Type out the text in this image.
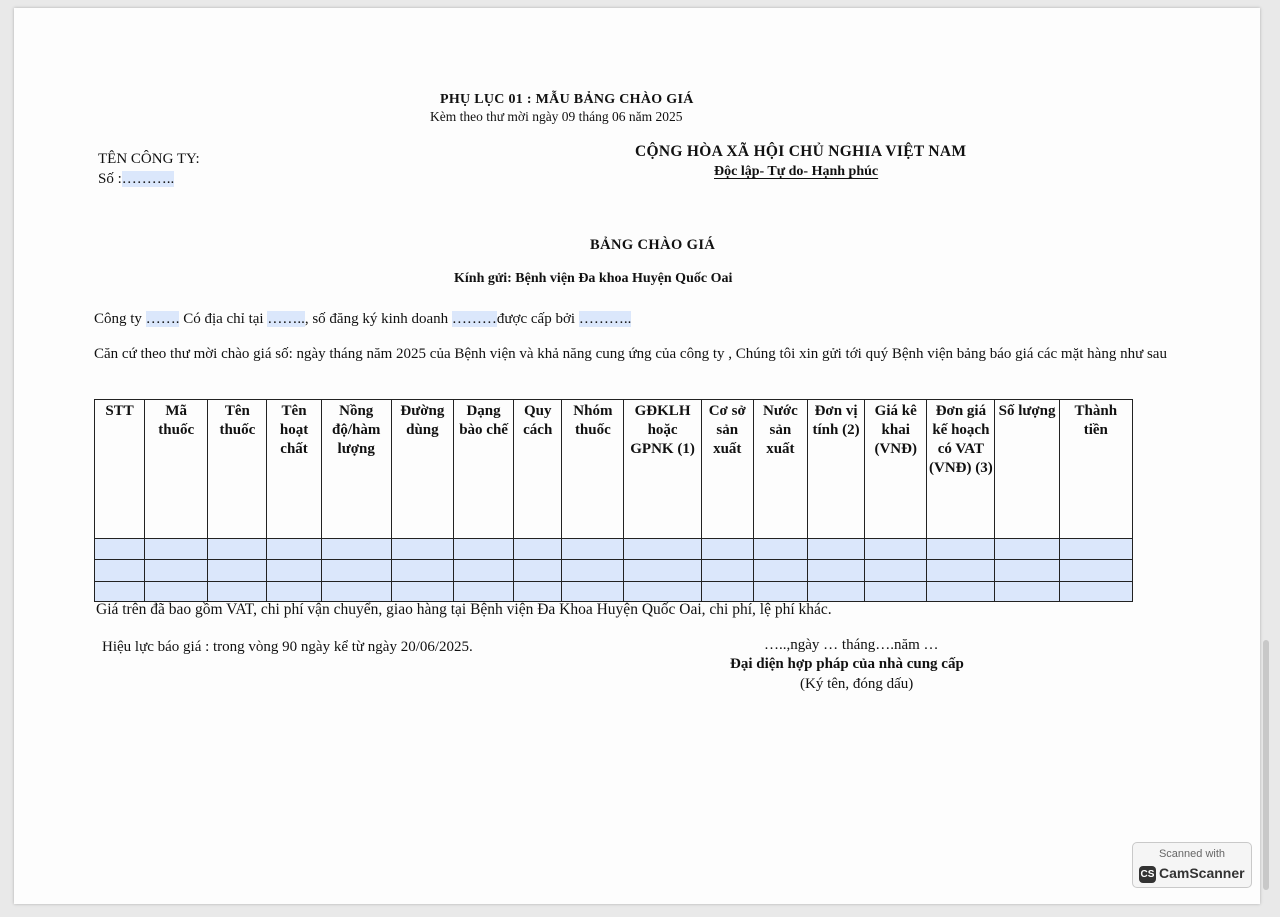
PHỤ LỤC 01 : MẪU BẢNG CHÀO GIÁ
Kèm theo thư mời ngày 09 tháng 06 năm 2025
TÊN CÔNG TY:
Số :………..
CỘNG HÒA XÃ HỘI CHỦ NGHIA VIỆT NAM
Độc lập- Tự do- Hạnh phúc
BẢNG CHÀO GIÁ
Kính gửi: Bệnh viện Đa khoa Huyện Quốc Oai
Công ty ……. Có địa chỉ tại …….., số đăng ký kinh doanh ………được cấp bởi ………..
Căn cứ theo thư mời chào giá số: ngày tháng năm 2025 của Bệnh viện và khả năng cung ứng của công ty , Chúng tôi xin gửi tới quý Bệnh viện bảng báo giá các mặt hàng như sau
STT	Mã thuốc	Tên thuốc	Tên hoạt chất	Nồng độ/hàm lượng	Đường dùng	Dạng bào chế	Quy cách	Nhóm thuốc	GĐKLH hoặc GPNK (1)	Cơ sở sản xuất	Nước sản xuất	Đơn vị tính (2)	Giá kê khai (VNĐ)	Đơn giá kế hoạch có VAT (VNĐ) (3)	Số lượng	Thành tiền

Giá trên đã bao gồm VAT, chi phí vận chuyển, giao hàng tại Bệnh viện Đa Khoa Huyện Quốc Oai, chi phí, lệ phí khác.
Hiệu lực báo giá : trong vòng 90 ngày kể từ ngày 20/06/2025.	…..,ngày … tháng….năm …
Đại diện hợp pháp của nhà cung cấp
(Ký tên, đóng dấu)
Scanned with
CS CamScanner
